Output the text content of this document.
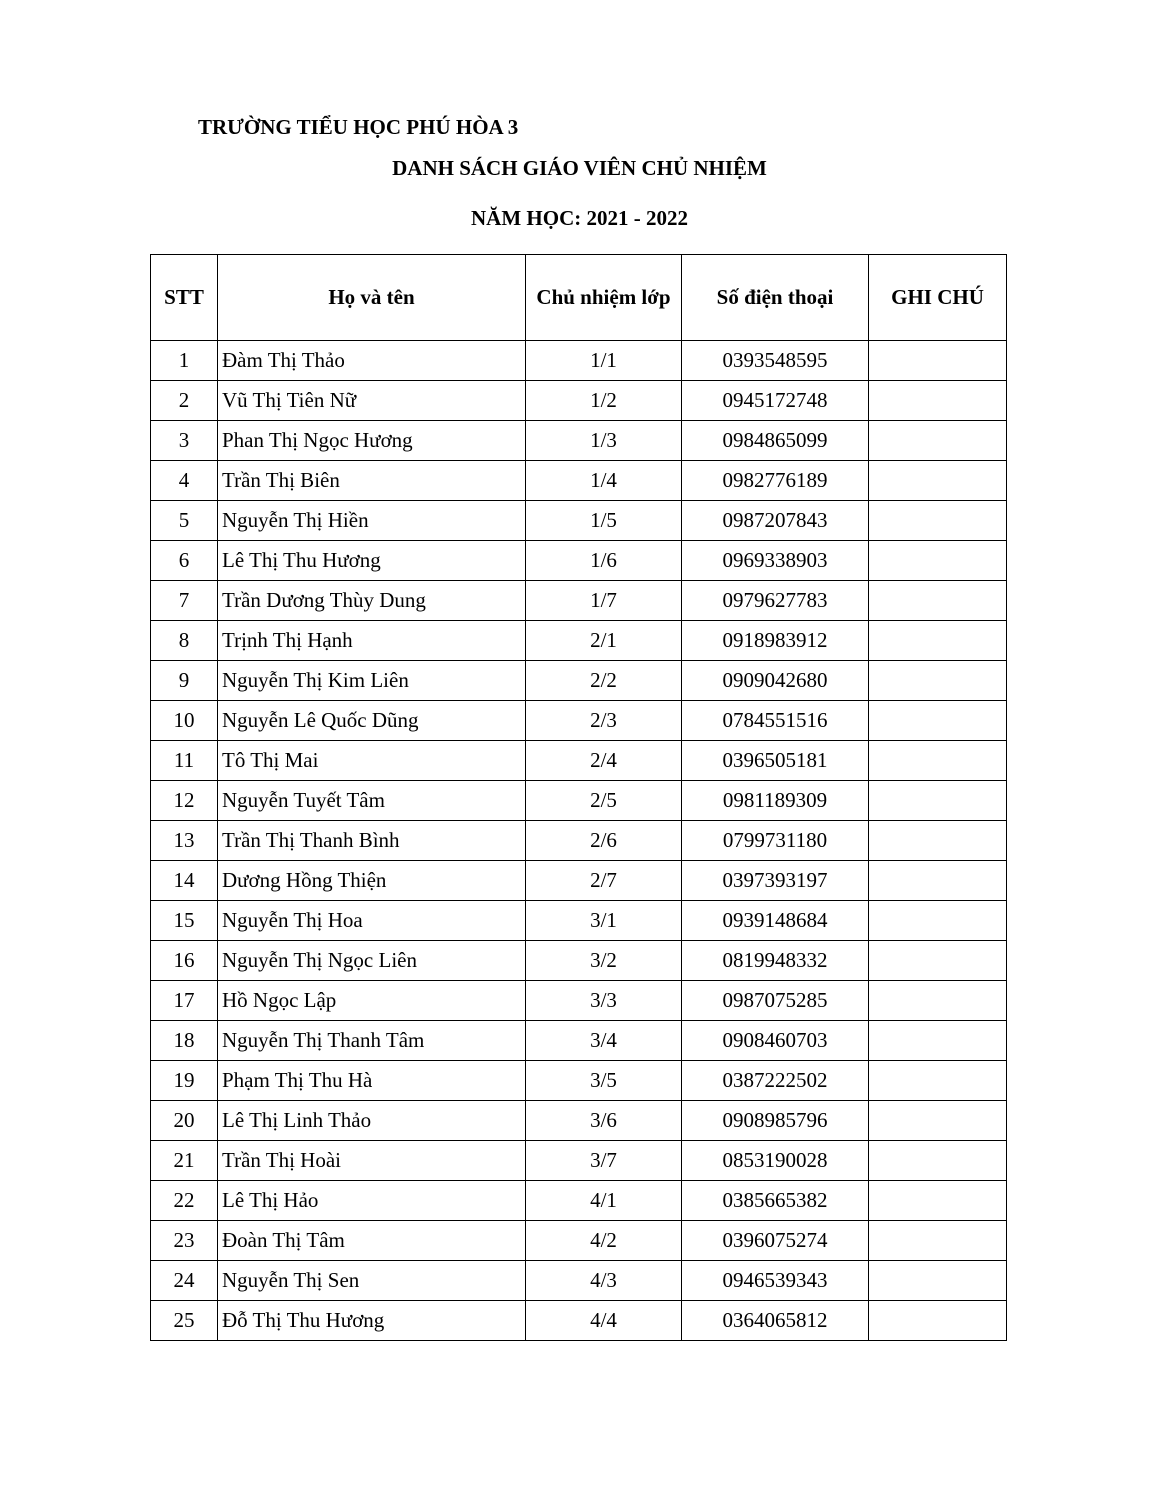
TRƯỜNG TIỂU HỌC PHÚ HÒA 3
DANH SÁCH GIÁO VIÊN CHỦ NHIỆM
NĂM HỌC: 2021 - 2022
STT	Họ và tên	Chủ nhiệm lớp	Số điện thoại	GHI CHÚ
1	Đàm Thị Thảo	1/1	0393548595	
2	Vũ Thị Tiên Nữ	1/2	0945172748	
3	Phan Thị Ngọc Hương	1/3	0984865099	
4	Trần Thị Biên	1/4	0982776189	
5	Nguyễn Thị Hiền	1/5	0987207843	
6	Lê Thị Thu Hương	1/6	0969338903	
7	Trần Dương Thùy Dung	1/7	0979627783	
8	Trịnh Thị Hạnh	2/1	0918983912	
9	Nguyễn Thị Kim Liên	2/2	0909042680	
10	Nguyễn Lê Quốc Dũng	2/3	0784551516	
11	Tô Thị Mai	2/4	0396505181	
12	Nguyễn Tuyết Tâm	2/5	0981189309	
13	Trần Thị Thanh Bình	2/6	0799731180	
14	Dương Hồng Thiện	2/7	0397393197	
15	Nguyễn Thị Hoa	3/1	0939148684	
16	Nguyễn Thị Ngọc Liên	3/2	0819948332	
17	Hồ Ngọc Lập	3/3	0987075285	
18	Nguyễn Thị Thanh Tâm	3/4	0908460703	
19	Phạm Thị Thu Hà	3/5	0387222502	
20	Lê Thị Linh Thảo	3/6	0908985796	
21	Trần Thị Hoài	3/7	0853190028	
22	Lê Thị Hảo	4/1	0385665382	
23	Đoàn Thị Tâm	4/2	0396075274	
24	Nguyễn Thị Sen	4/3	0946539343	
25	Đỗ Thị Thu Hương	4/4	0364065812	
